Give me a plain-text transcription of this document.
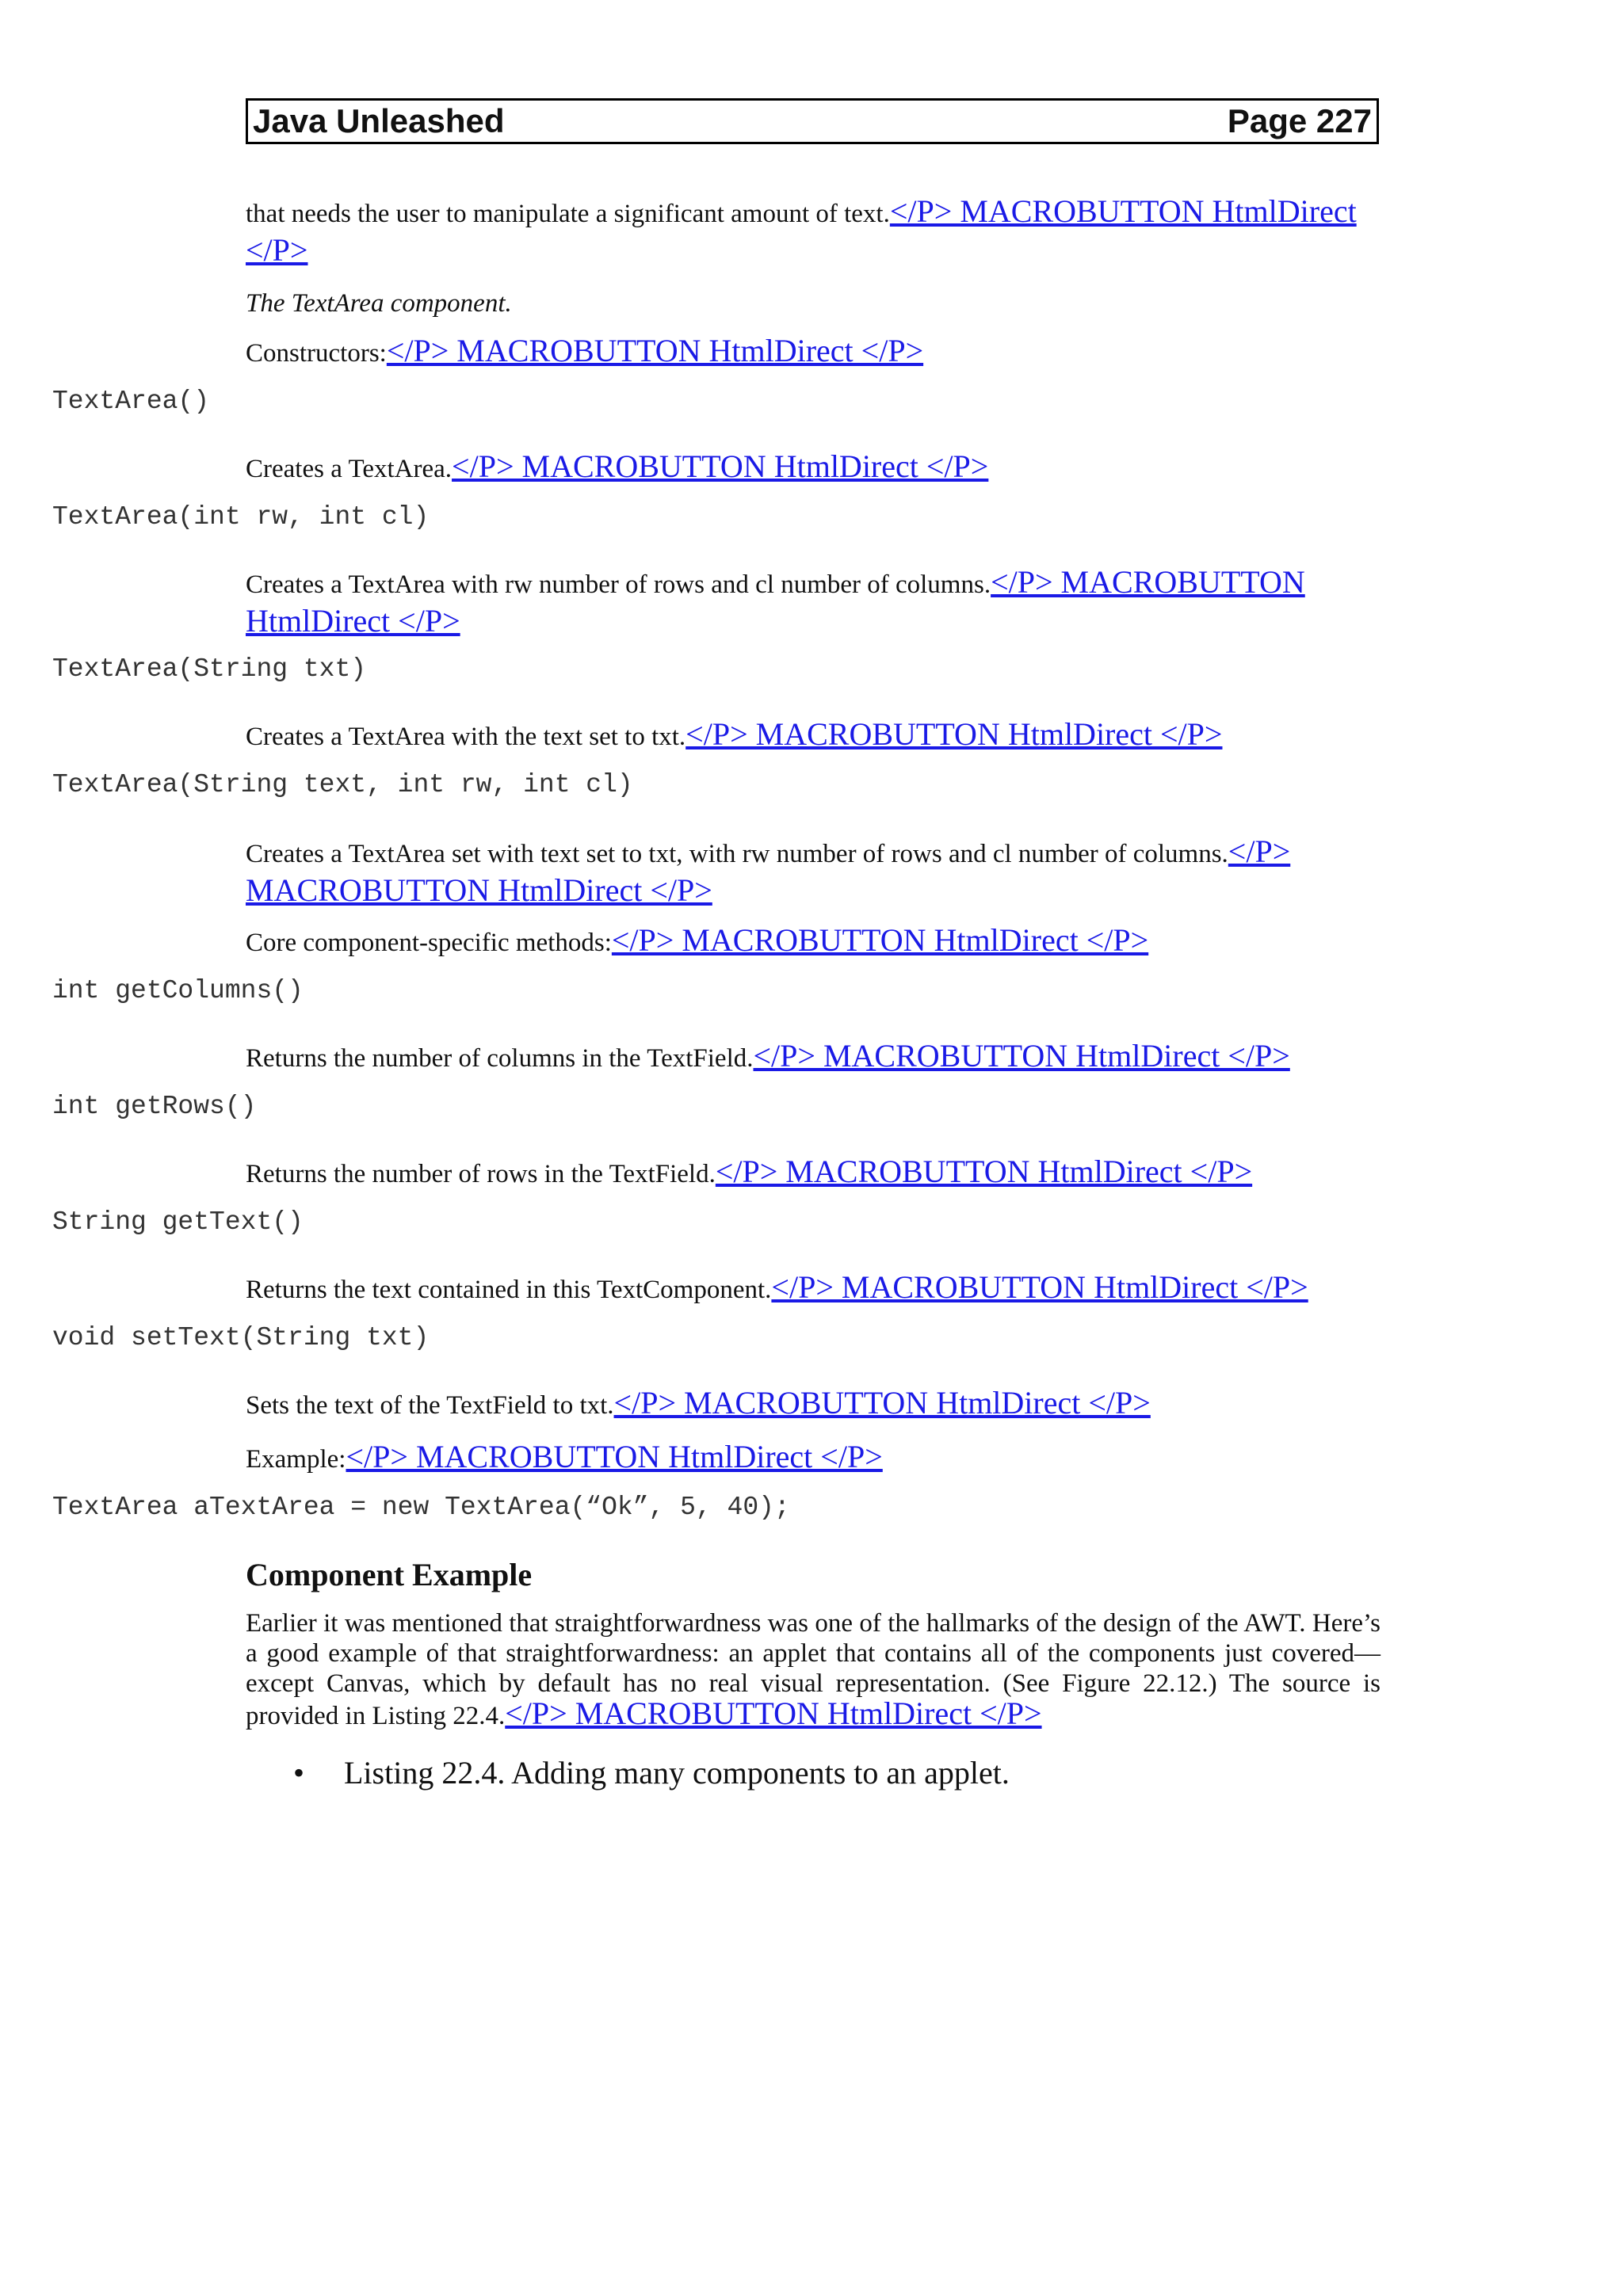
Java Unleashed	Page 227
that needs the user to manipulate a significant amount of text.</P> MACROBUTTON HtmlDirect </P>
The TextArea component.
Constructors:</P> MACROBUTTON HtmlDirect </P>
TextArea()
Creates a TextArea.</P> MACROBUTTON HtmlDirect </P>
TextArea(int rw, int cl)
Creates a TextArea with rw number of rows and cl number of columns.</P> MACROBUTTON HtmlDirect </P>
TextArea(String txt)
Creates a TextArea with the text set to txt.</P> MACROBUTTON HtmlDirect </P>
TextArea(String text, int rw, int cl)
Creates a TextArea set with text set to txt, with rw number of rows and cl number of columns.</P> MACROBUTTON HtmlDirect </P>
Core component-specific methods:</P> MACROBUTTON HtmlDirect </P>
int getColumns()
Returns the number of columns in the TextField.</P> MACROBUTTON HtmlDirect </P>
int getRows()
Returns the number of rows in the TextField.</P> MACROBUTTON HtmlDirect </P>
String getText()
Returns the text contained in this TextComponent.</P> MACROBUTTON HtmlDirect </P>
void setText(String txt)
Sets the text of the TextField to txt.</P> MACROBUTTON HtmlDirect </P>
Example:</P> MACROBUTTON HtmlDirect </P>
TextArea aTextArea = new TextArea(“Ok”, 5, 40);
Component Example
Earlier it was mentioned that straightforwardness was one of the hallmarks of the design of the AWT. Here’s a good example of that straightforwardness: an applet that contains all of the components just covered—except Canvas, which by default has no real visual representation. (See Figure 22.12.) The source is provided in Listing 22.4.</P> MACROBUTTON HtmlDirect </P>
•	Listing 22.4. Adding many components to an applet.
